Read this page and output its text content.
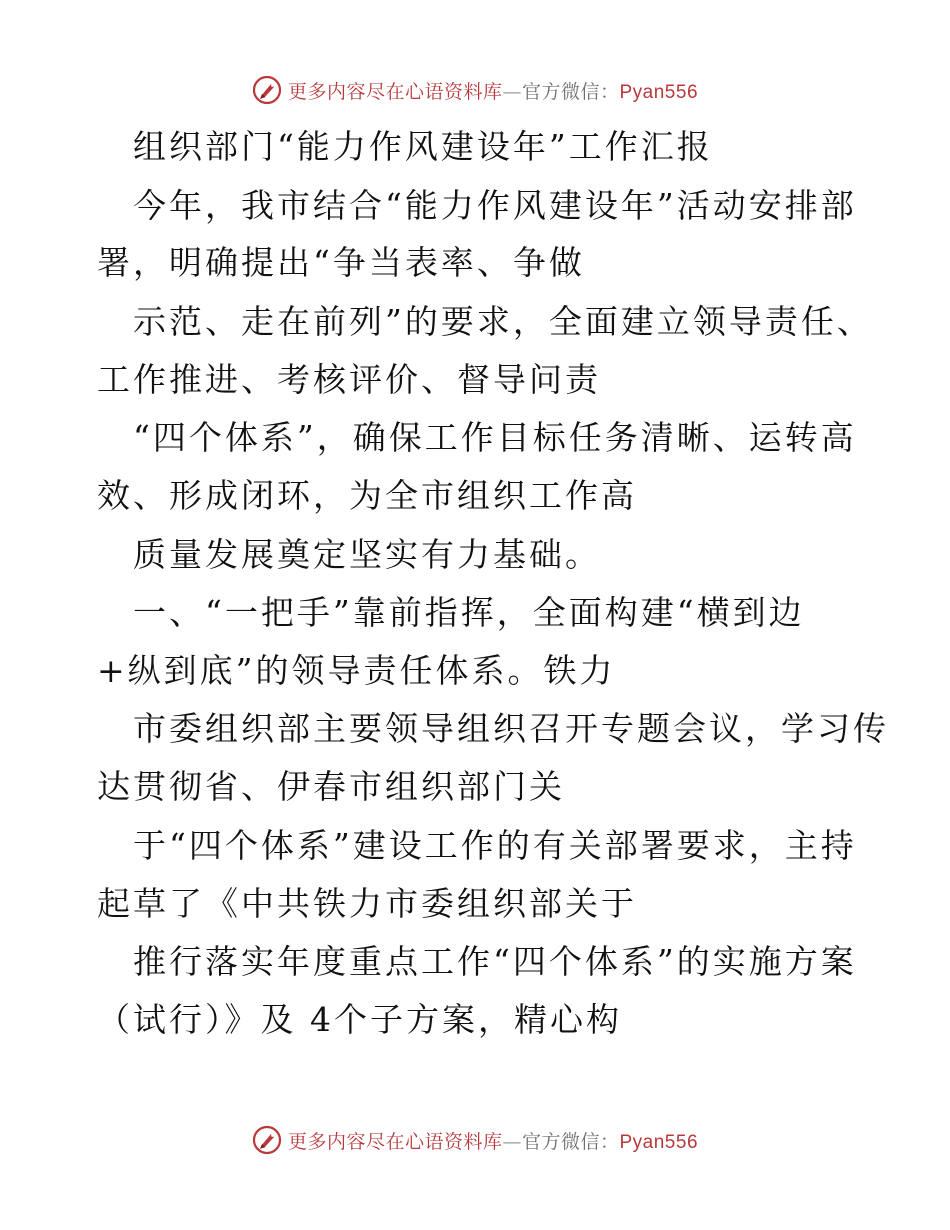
更多内容尽在心语资料库—官方微信：Pyan556
组织部门“能力作风建设年”工作汇报
今年，我市结合“能力作风建设年”活动安排部
署，明确提出“争当表率、争做
示范、走在前列”的要求，全面建立领导责任、
工作推进、考核评价、督导问责
“四个体系”，确保工作目标任务清晰、运转高
效、形成闭环，为全市组织工作高
质量发展奠定坚实有力基础。
一、“一把手”靠前指挥，全面构建“横到边
+纵到底”的领导责任体系。铁力
市委组织部主要领导组织召开专题会议，学习传
达贯彻省、伊春市组织部门关
于“四个体系”建设工作的有关部署要求，主持
起草了《中共铁力市委组织部关于
推行落实年度重点工作“四个体系”的实施方案
（试行）》及 4个子方案，精心构
更多内容尽在心语资料库—官方微信：Pyan556
